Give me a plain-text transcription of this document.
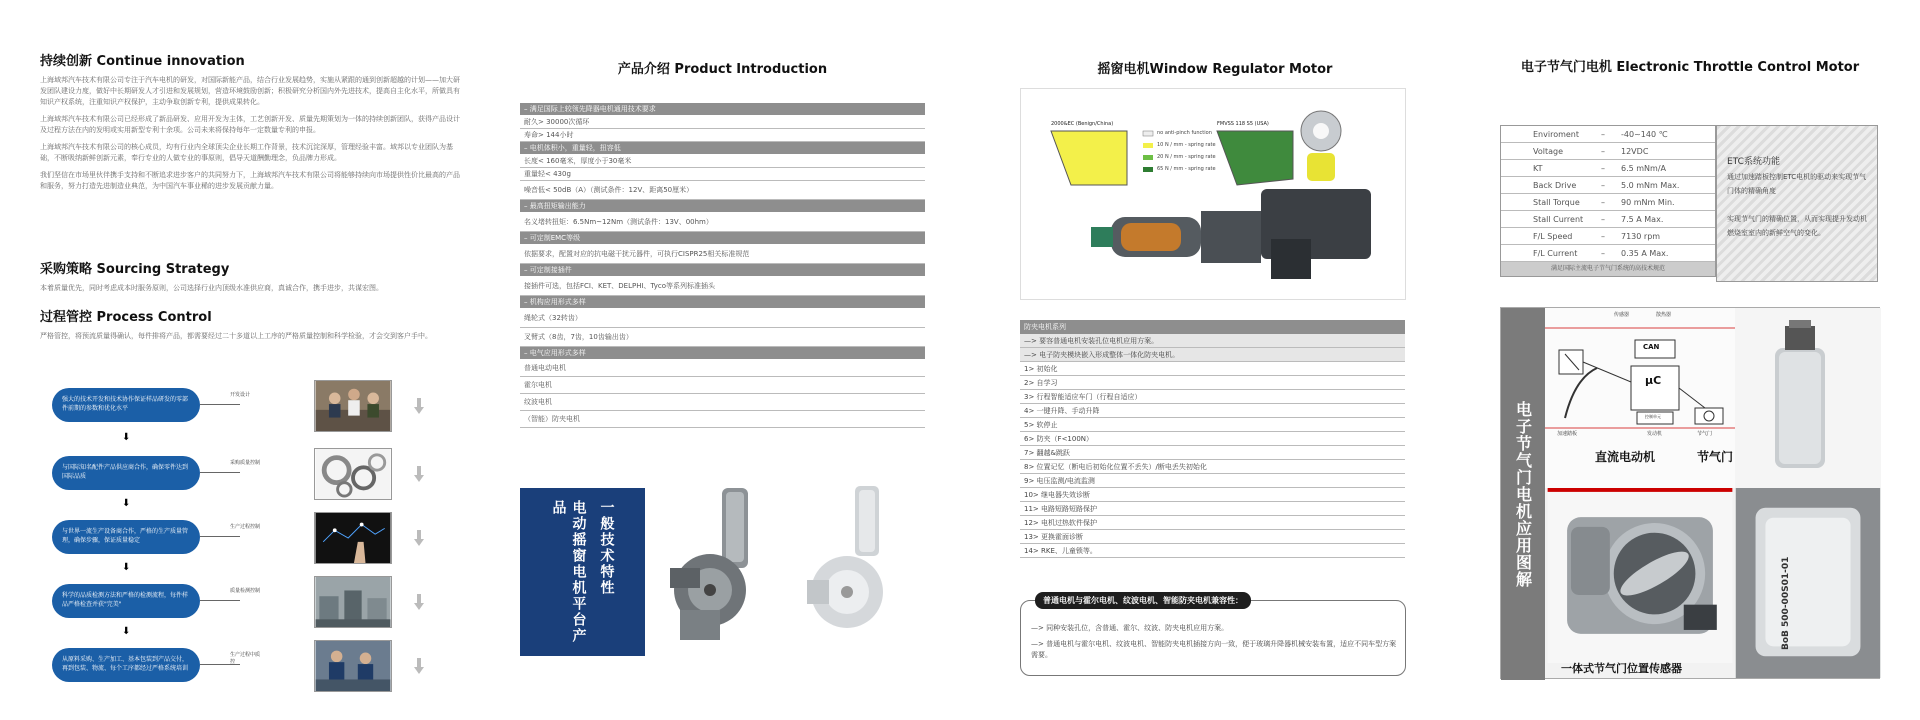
持续创新 Continue innovation
上海域邦汽车技术有限公司专注于汽车电机的研发，对国际新能产品，结合行业发展趋势，实施从紧跟的通到创新超越的计划——加大研发团队建设力度，做好中长期研发人才引进和发展规划，营造环境鼓励创新；积极研究分析国内外先进技术，提高自主化水平，所做具有知识产权系统，注重知识产权保护，主动争取创新专利，提供成果转化。
上海域邦汽车技术有限公司已经形成了新品研发、应用开发为主体，工艺创新开发、质量先期策划为一体的持续创新团队，获得产品设计及过程方法在内的发明或实用新型专利十余项。公司未来将保持每年一定数量专利的申报。
上海域邦汽车技术有限公司的核心成员，均有行业内全球顶尖企业长期工作背景，技术沉淀深厚，管理经验丰富。域邦以专业团队为基础，不断吸纳新鲜创新元素，奉行专业的人做专业的事原则，倡导天道酬勤理念，负品牌力形成。
我们坚信在市场里伙伴携手支持和不断追求进步客户的共同努力下，上海域邦汽车技术有限公司将能够持续向市场提供性价比最高的产品和服务，努力打造先进制造业典范，为中国汽车事业稀的进步发展贡献力量。
采购策略 Sourcing Strategy
本着质量优先，同时考虑成本时服务原则，公司选择行业内顶级水准供应商，真诚合作，携手进步，共谋宏图。
过程管控 Process Control
严格管控，将预流质量得确认，每件排将产品，都需要经过二十多道以上工序的严格质量控制和科学检验，才会交到客户手中。
强大的技术开发和技术协作保证样品研发的零部件前期的参数和优化水平
开发设计
⬇
与国际知名配件产品供应商合作，确保零件达到国际品质
采购质量控制
⬇
与世界一流生产设备商合作，严格的生产质量管理，确保步骤，保证质量稳定
生产过程控制
⬇
科学的品质检测方法和严格的检测流程，每件样品严格检查并获"完美"
质量检测控制
⬇
从原料采购、生产加工、基本包装到产品交付，再到包装、物流、每个工序都经过严格系统培训
生产过程中质控
产品介绍 Product Introduction
– 满足国际上较领先降器电机通用技术要求
耐久> 30000次循环
寿命> 144小时
– 电机体积小，重量轻，扭容低
长度< 160毫米，厚度小于30毫米
重量轻< 430g
噪音低< 50dB（A）（测试条件：12V、距离50厘米）
– 最高扭矩输出能力
名义堵转扭矩：6.5Nm~12Nm（测试条件：13V、00hm）
– 可定制EMC等级
依据要求，配置对应的抗电磁干扰元器件，可执行CISPR25相关标准规范
– 可定制接插件
接插件可选，包括FCI、KET、DELPHI、Tyco等系列标准插头
– 机构应用形式多样
绳轮式（32转齿）
叉臂式（8齿，7齿，10齿输出齿）
– 电气应用形式多样
普通电动电机
霍尔电机
纹波电机
（智能）防夹电机
电动摇窗电机平台产品	一般技术特性
摇窗电机Window Regulator Motor
2000&EC (Benign/China)	FMVSS 118 S5 (USA)
no anti-pinch function
10 N / mm - spring rate
20 N / mm - spring rate
65 N / mm - spring rate
防夹电机系列
—> 要容普通电机安装孔位电机应用方案。
—> 电子防夹模块嵌入形成整体一体化防夹电机。
1> 初始化
2> 自学习
3> 行程智能适应车门（行程自适应）
4> 一键升降、手动升降
5> 软停止
6> 防夹（F<100N）
7> 翻越&跳跃
8> 位置记忆（断电后初始化位置不丢失）/断电丢失初始化
9> 电压监测/电流监测
10> 继电器失效诊断
11> 电路短路短路保护
12> 电机过热软件保护
13> 更换霍面诊断
14> RKE、儿童锁等。
普通电机与霍尔电机、纹波电机、智能防夹电机兼容性：
—> 同种安装孔位，含普通、霍尔、纹波、防夹电机应用方案。
—> 普通电机与霍尔电机、纹波电机、智能防夹电机插接方向一致，便于玻璃升降器机械安装布置，适应不同车型方案需要。
电子节气门电机 Electronic Throttle Control Motor
Enviroment	–	-40~140 ℃
Voltage	–	12VDC
KT	–	6.5 mNm/A
Back Drive	–	5.0 mNm Max.
Stall Torque	–	90 mNm Min.
Stall Current	–	7.5 A Max.
F/L Speed	–	7130 rpm
F/L Current	–	0.35 A Max.
满足国际主流电子节气门系统的高技术规范
ETC系统功能
通过加速踏板控制ETC电机的驱动来实现节气门体的精确角度
实现节气门的精确位置，从而实现提升发动机燃烧室室内的新鲜空气的变化。
电子节气门电机应用图解
传感器	散热器
CAN
μC
加速踏板	发动机	节气门
控制单元
直流电动机	节气门
一体式节气门位置传感器
BoB 500-00S01-01
